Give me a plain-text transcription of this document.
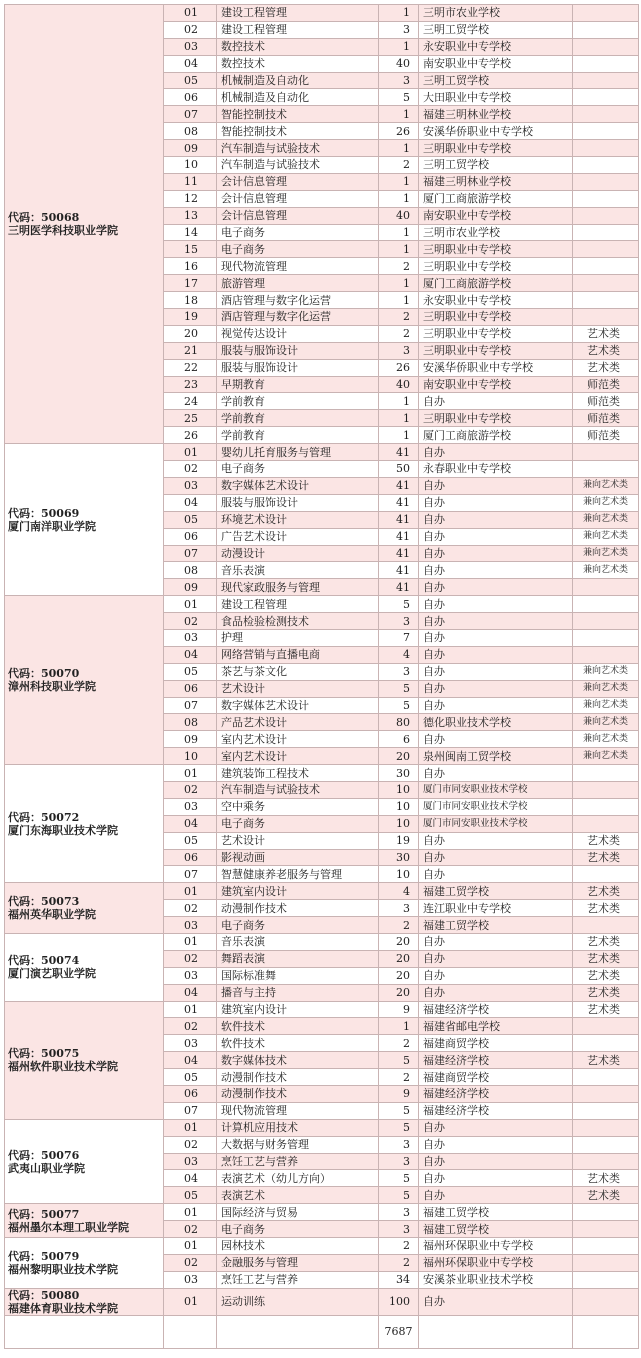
代码：50068
三明医学科技职业学院	01	建设工程管理	1	三明市农业学校	
	02	建设工程管理	3	三明工贸学校	
	03	数控技术	1	永安职业中专学校	
	04	数控技术	40	南安职业中专学校	
	05	机械制造及自动化	3	三明工贸学校	
	06	机械制造及自动化	5	大田职业中专学校	
	07	智能控制技术	1	福建三明林业学校	
	08	智能控制技术	26	安溪华侨职业中专学校	
	09	汽车制造与试验技术	1	三明职业中专学校	
	10	汽车制造与试验技术	2	三明工贸学校	
	11	会计信息管理	1	福建三明林业学校	
	12	会计信息管理	1	厦门工商旅游学校	
	13	会计信息管理	40	南安职业中专学校	
	14	电子商务	1	三明市农业学校	
	15	电子商务	1	三明职业中专学校	
	16	现代物流管理	2	三明职业中专学校	
	17	旅游管理	1	厦门工商旅游学校	
	18	酒店管理与数字化运营	1	永安职业中专学校	
	19	酒店管理与数字化运营	2	三明职业中专学校	
	20	视觉传达设计	2	三明职业中专学校	艺术类
	21	服装与服饰设计	3	三明职业中专学校	艺术类
	22	服装与服饰设计	26	安溪华侨职业中专学校	艺术类
	23	早期教育	40	南安职业中专学校	师范类
	24	学前教育	1	自办	师范类
	25	学前教育	1	三明职业中专学校	师范类
	26	学前教育	1	厦门工商旅游学校	师范类

代码：50069
厦门南洋职业学院	01	婴幼儿托育服务与管理	41	自办	
	02	电子商务	50	永春职业中专学校	
	03	数字媒体艺术设计	41	自办	兼向艺术类
	04	服装与服饰设计	41	自办	兼向艺术类
	05	环境艺术设计	41	自办	兼向艺术类
	06	广告艺术设计	41	自办	兼向艺术类
	07	动漫设计	41	自办	兼向艺术类
	08	音乐表演	41	自办	兼向艺术类
	09	现代家政服务与管理	41	自办	

代码：50070
漳州科技职业学院	01	建设工程管理	5	自办	
	02	食品检验检测技术	3	自办	
	03	护理	7	自办	
	04	网络营销与直播电商	4	自办	
	05	茶艺与茶文化	3	自办	兼向艺术类
	06	艺术设计	5	自办	兼向艺术类
	07	数字媒体艺术设计	5	自办	兼向艺术类
	08	产品艺术设计	80	德化职业技术学校	兼向艺术类
	09	室内艺术设计	6	自办	兼向艺术类
	10	室内艺术设计	20	泉州闽南工贸学校	兼向艺术类

代码：50072
厦门东海职业技术学院	01	建筑装饰工程技术	30	自办	
	02	汽车制造与试验技术	10	厦门市同安职业技术学校	
	03	空中乘务	10	厦门市同安职业技术学校	
	04	电子商务	10	厦门市同安职业技术学校	
	05	艺术设计	19	自办	艺术类
	06	影视动画	30	自办	艺术类
	07	智慧健康养老服务与管理	10	自办	

代码：50073
福州英华职业学院	01	建筑室内设计	4	福建工贸学校	艺术类
	02	动漫制作技术	3	连江职业中专学校	艺术类
	03	电子商务	2	福建工贸学校	

代码：50074
厦门演艺职业学院	01	音乐表演	20	自办	艺术类
	02	舞蹈表演	20	自办	艺术类
	03	国际标准舞	20	自办	艺术类
	04	播音与主持	20	自办	艺术类

代码：50075
福州软件职业技术学院	01	建筑室内设计	9	福建经济学校	艺术类
	02	软件技术	1	福建省邮电学校	
	03	软件技术	2	福建商贸学校	
	04	数字媒体技术	5	福建经济学校	艺术类
	05	动漫制作技术	2	福建商贸学校	
	06	动漫制作技术	9	福建经济学校	
	07	现代物流管理	5	福建经济学校	

代码：50076
武夷山职业学院	01	计算机应用技术	5	自办	
	02	大数据与财务管理	3	自办	
	03	烹饪工艺与营养	3	自办	
	04	表演艺术（幼儿方向）	5	自办	艺术类
	05	表演艺术	5	自办	艺术类

代码：50077
福州墨尔本理工职业学院	01	国际经济与贸易	3	福建工贸学校	
	02	电子商务	3	福建工贸学校	

代码：50079
福州黎明职业技术学院	01	园林技术	2	福州环保职业中专学校	
	02	金融服务与管理	2	福州环保职业中专学校	
	03	烹饪工艺与营养	34	安溪茶业职业技术学校	

代码：50080
福建体育职业技术学院	01	运动训练	100	自办	
			7687		
